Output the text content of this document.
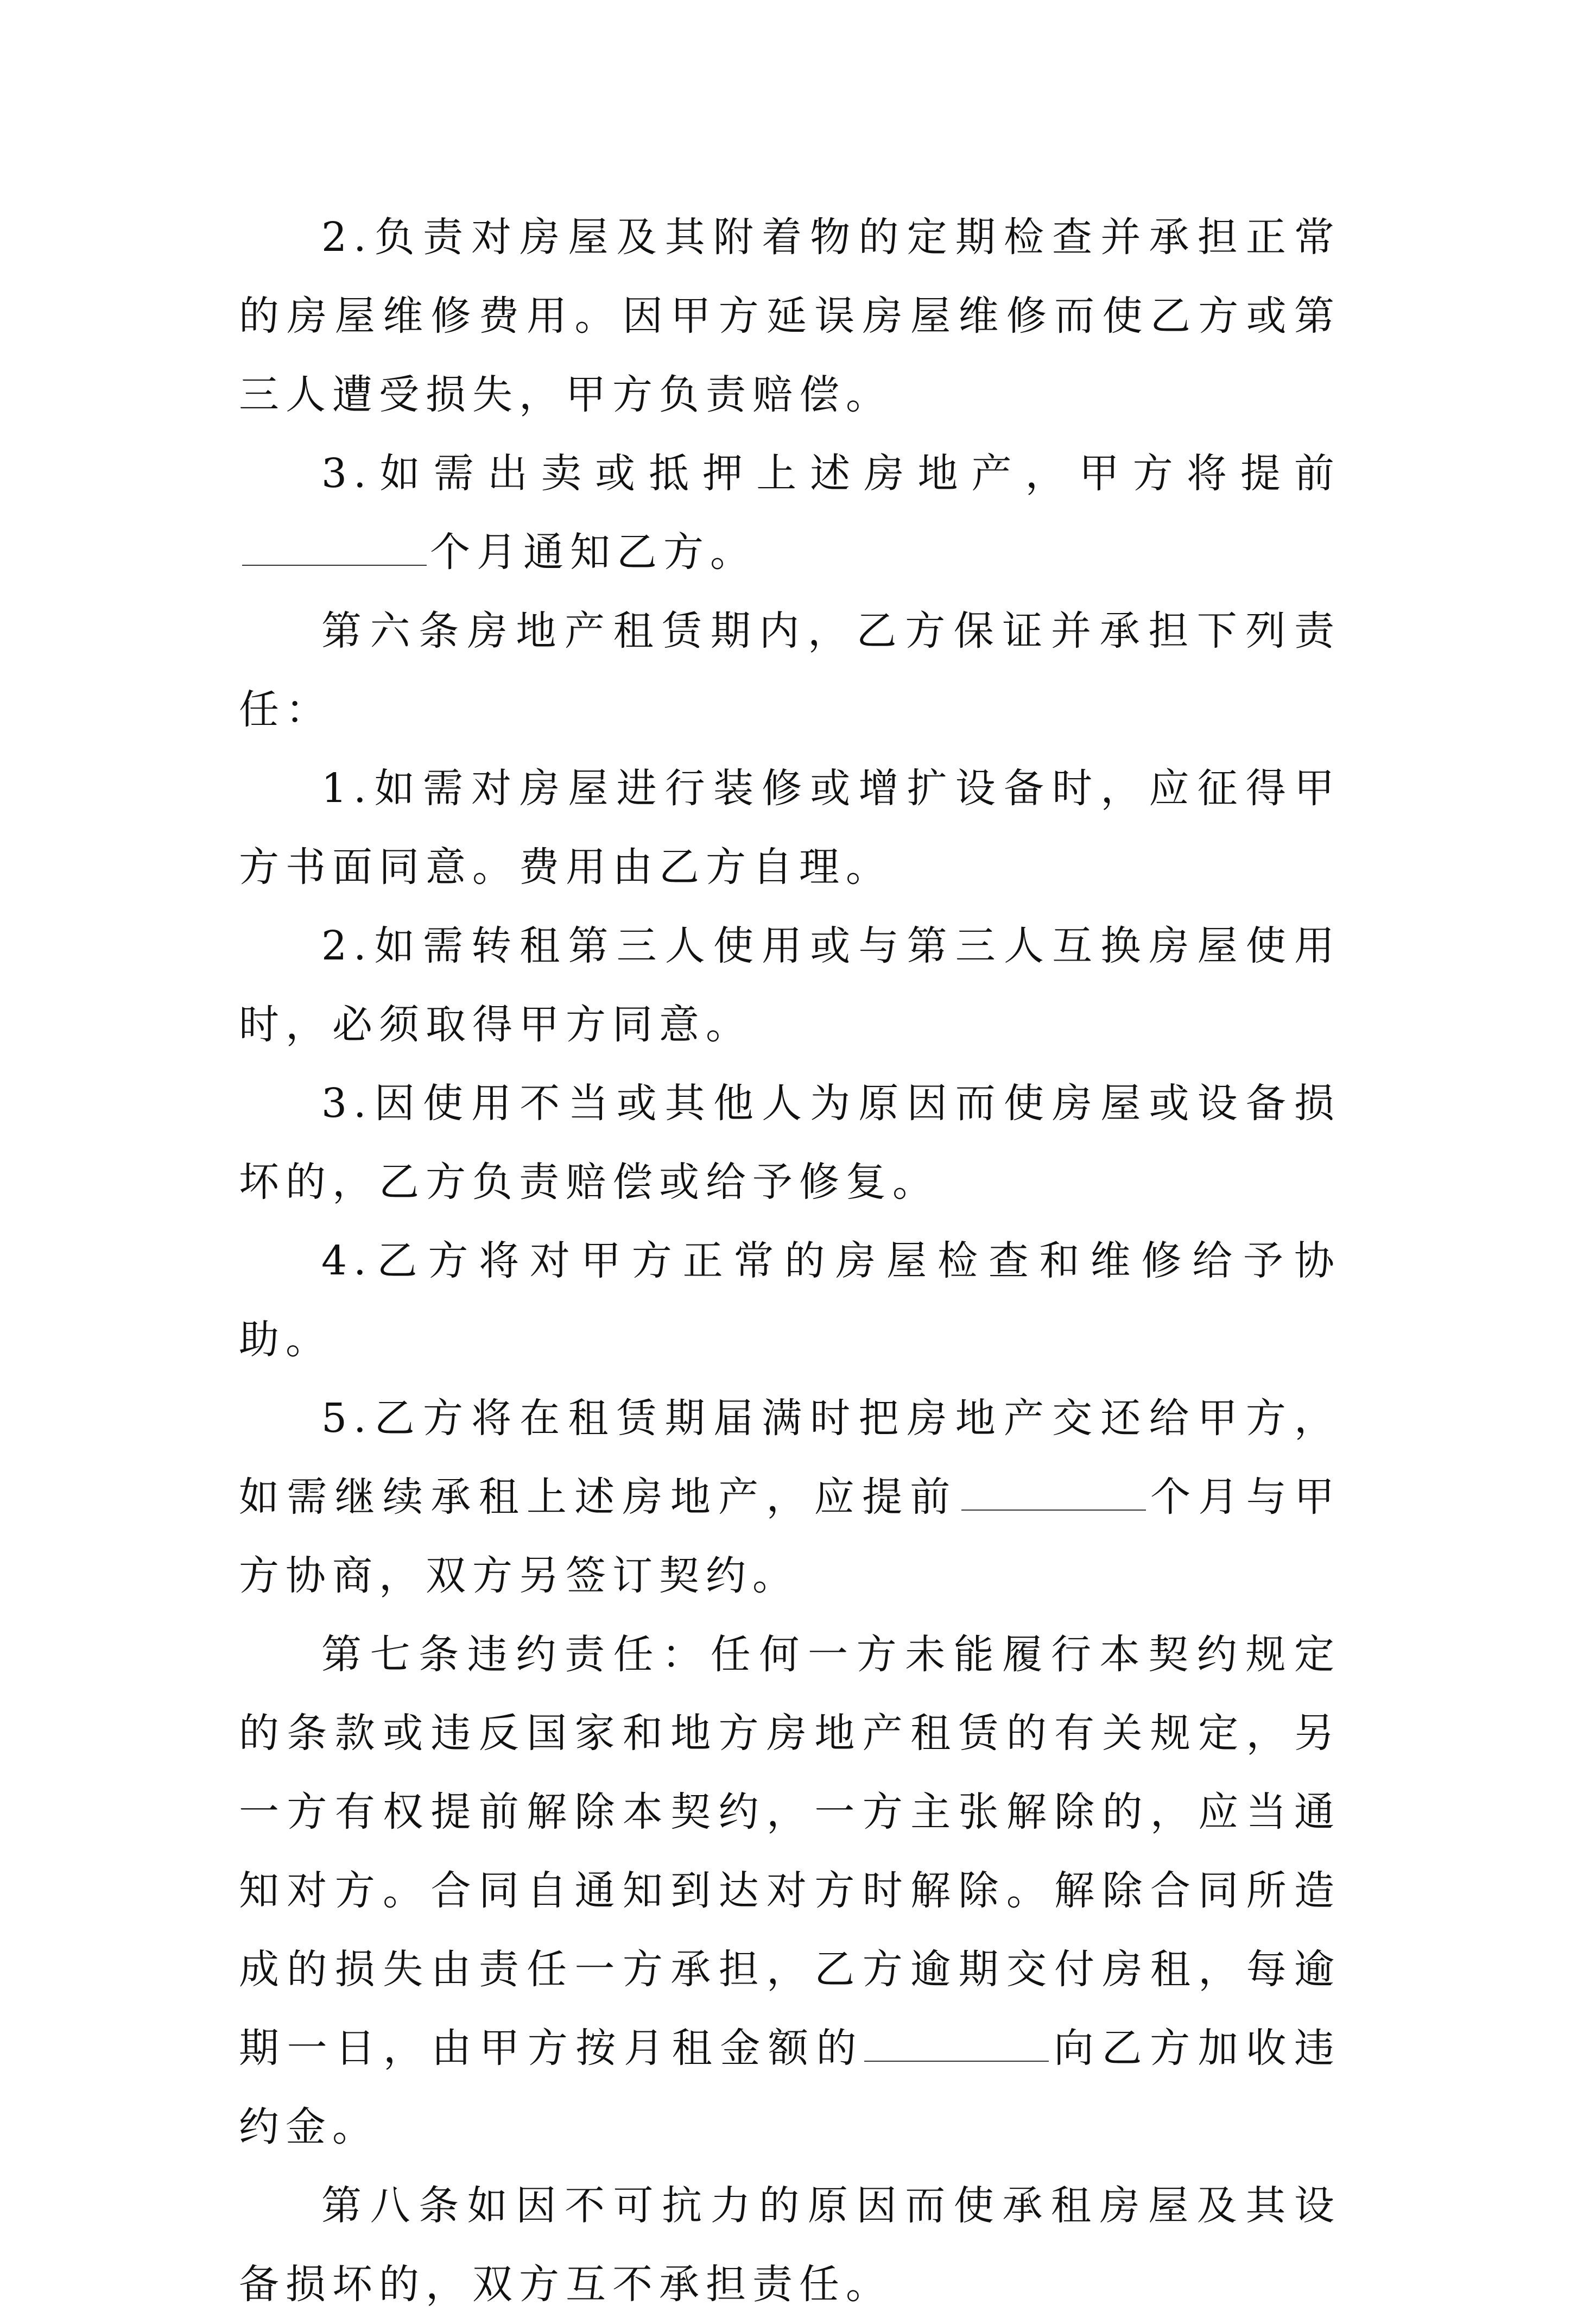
2.负责对房屋及其附着物的定期检查并承担正常的房屋维修费用。因甲方延误房屋维修而使乙方或第三人遭受损失，甲方负责赔偿。

3.如需出卖或抵押上述房地产，甲方将提前个月通知乙方。

第六条房地产租赁期内，乙方保证并承担下列责任：

1.如需对房屋进行装修或增扩设备时，应征得甲方书面同意。费用由乙方自理。

2.如需转租第三人使用或与第三人互换房屋使用时，必须取得甲方同意。

3.因使用不当或其他人为原因而使房屋或设备损坏的，乙方负责赔偿或给予修复。

4.乙方将对甲方正常的房屋检查和维修给予协助。

5.乙方将在租赁期届满时把房地产交还给甲方，如需继续承租上述房地产，应提前	个月与甲方协商，双方另签订契约。

第七条违约责任：任何一方未能履行本契约规定的条款或违反国家和地方房地产租赁的有关规定，另一方有权提前解除本契约，一方主张解除的，应当通知对方。合同自通知到达对方时解除。解除合同所造成的损失由责任一方承担，乙方逾期交付房租，每逾期一日，由甲方按月租金额的	向乙方加收违约金。

第八条如因不可抗力的原因而使承租房屋及其设备损坏的，双方互不承担责任。
